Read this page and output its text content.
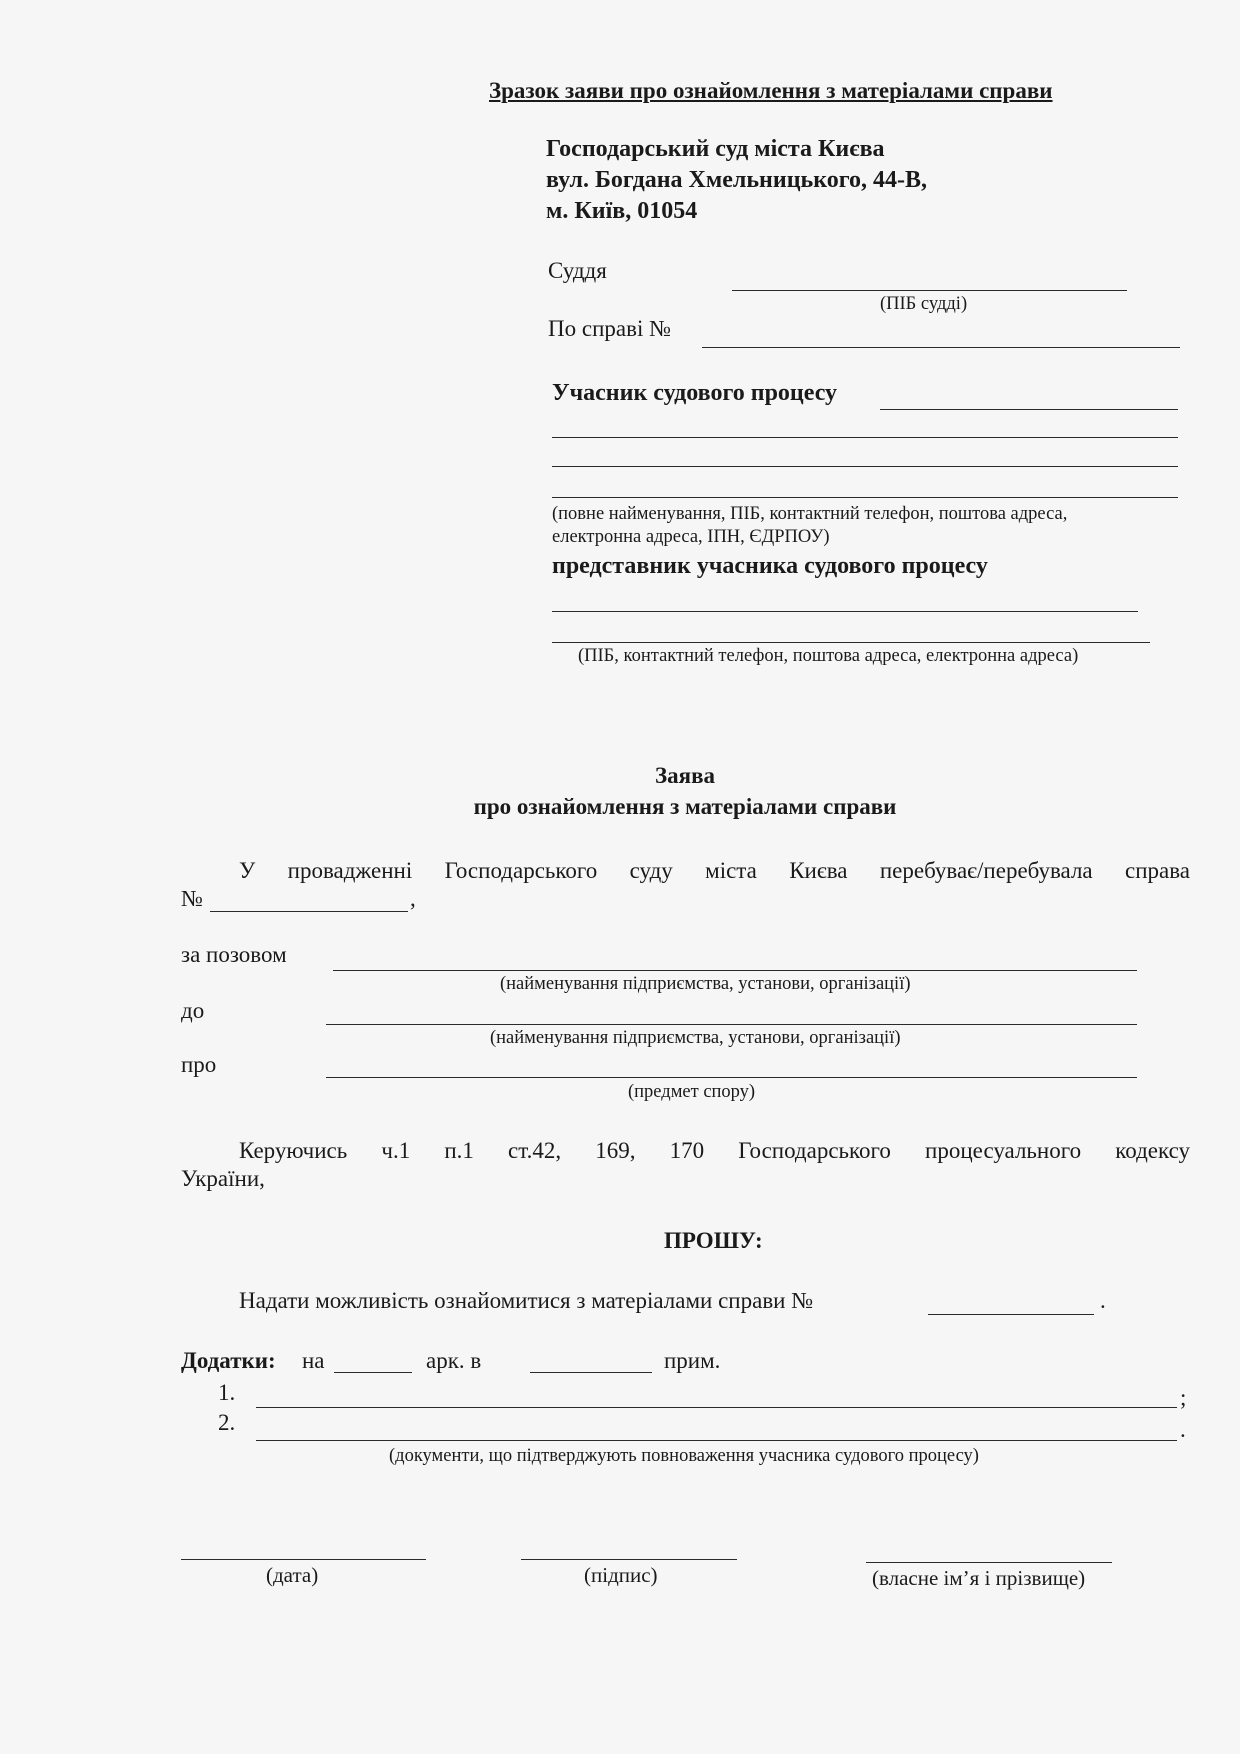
Зразок заяви про ознайомлення з матеріалами справи
Господарський суд міста Києва
вул. Богдана Хмельницького, 44-В,
м. Київ, 01054
Суддя
(ПІБ судді)
По справі №
Учасник судового процесу
(повне найменування, ПІБ, контактний телефон, поштова адреса,
електронна адреса, ІПН, ЄДРПОУ)
представник учасника судового процесу
(ПІБ, контактний телефон, поштова адреса, електронна адреса)
Заява
про ознайомлення з матеріалами справи
У провадженні Господарського суду міста Києва перебуває/перебувала справа
№	,
за позовом
(найменування підприємства, установи, організації)
до
(найменування підприємства, установи, організації)
про
(предмет спору)
Керуючись ч.1 п.1 ст.42, 169, 170 Господарського процесуального кодексу
України,
ПРОШУ:
Надати можливість ознайомитися з матеріалами справи №	.
Додатки: на	арк. в	прим.
1.	;
2.	.
(документи, що підтверджують повноваження учасника судового процесу)
(дата)	(підпис)	(власне ім’я і прізвище)
